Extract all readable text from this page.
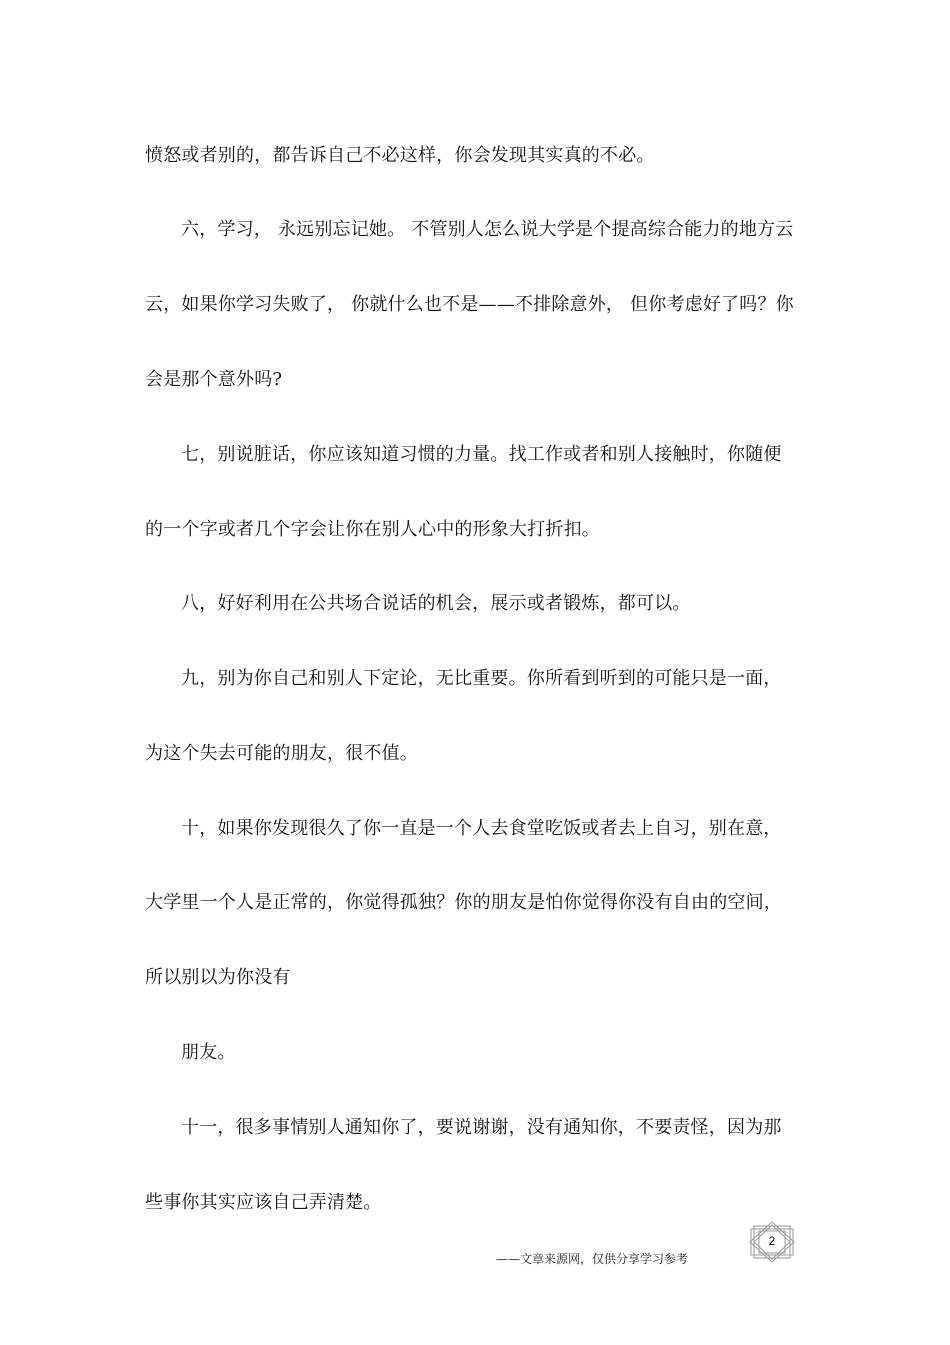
愤怒或者别的，都告诉自己不必这样，你会发现其实真的不必。
六，学习， 永远别忘记她。 不管别人怎么说大学是个提高综合能力的地方云
云，如果你学习失败了， 你就什么也不是——不排除意外， 但你考虑好了吗？你
会是那个意外吗?
七，别说脏话，你应该知道习惯的力量。找工作或者和别人接触时，你随便
的一个字或者几个字会让你在别人心中的形象大打折扣。
八，好好利用在公共场合说话的机会，展示或者锻炼，都可以。
九，别为你自己和别人下定论，无比重要。你所看到听到的可能只是一面，
为这个失去可能的朋友，很不值。
十，如果你发现很久了你一直是一个人去食堂吃饭或者去上自习，别在意，
大学里一个人是正常的，你觉得孤独？你的朋友是怕你觉得你没有自由的空间，
所以别以为你没有
朋友。
十一，很多事情别人通知你了，要说谢谢，没有通知你，不要责怪，因为那
些事你其实应该自己弄清楚。
——文章来源网，仅供分享学习参考
2
